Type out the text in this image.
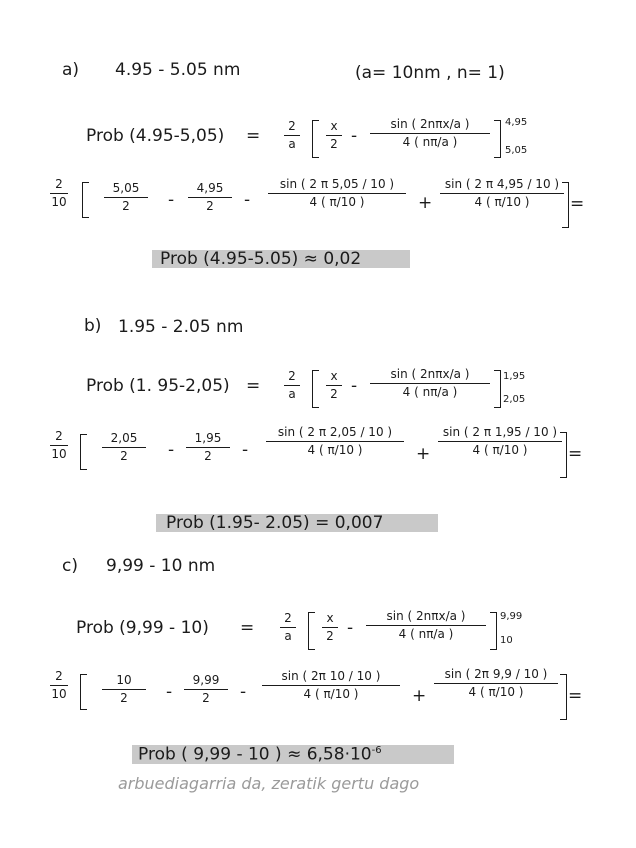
a) 4.95 - 5.05 nm	(a= 10nm , n= 1)
Prob (4.95-5,05) =	2
a
x
2 -
sin ( 2nπx/a )
4 ( nπ/a )
4,95
5,05
2
10
5,05
2	-
4,95
2	-
sin ( 2 π 5,05 / 10 )
4 ( π/10 )	+
sin ( 2 π 4,95 / 10 )
4 ( π/10 )	=
Prob (4.95-5.05) ≈ 0,02
b) 1.95 - 2.05 nm
Prob (1. 95-2,05) =	2
a
x
2 -
sin ( 2nπx/a )
4 ( nπ/a )
1,95
2,05
2
10
2,05
2	-
1,95
2	-
sin ( 2 π 2,05 / 10 )
4 ( π/10 )	+
sin ( 2 π 1,95 / 10 )
4 ( π/10 )	=
Prob (1.95- 2.05) = 0,007
c) 9,99 - 10 nm
Prob (9,99 - 10) =	2
a
x
2 -
sin ( 2nπx/a )
4 ( nπ/a )
9,99
10
2
10
10
2	-
9,99
2	-
sin ( 2π 10 / 10 )
4 ( π/10 )	+
sin ( 2π 9,9 / 10 )
4 ( π/10 )	=
Prob ( 9,99 - 10 ) ≈ $6,58\cdot 10^{-6}$
arbuediagarria da, zeratik gertu dago
